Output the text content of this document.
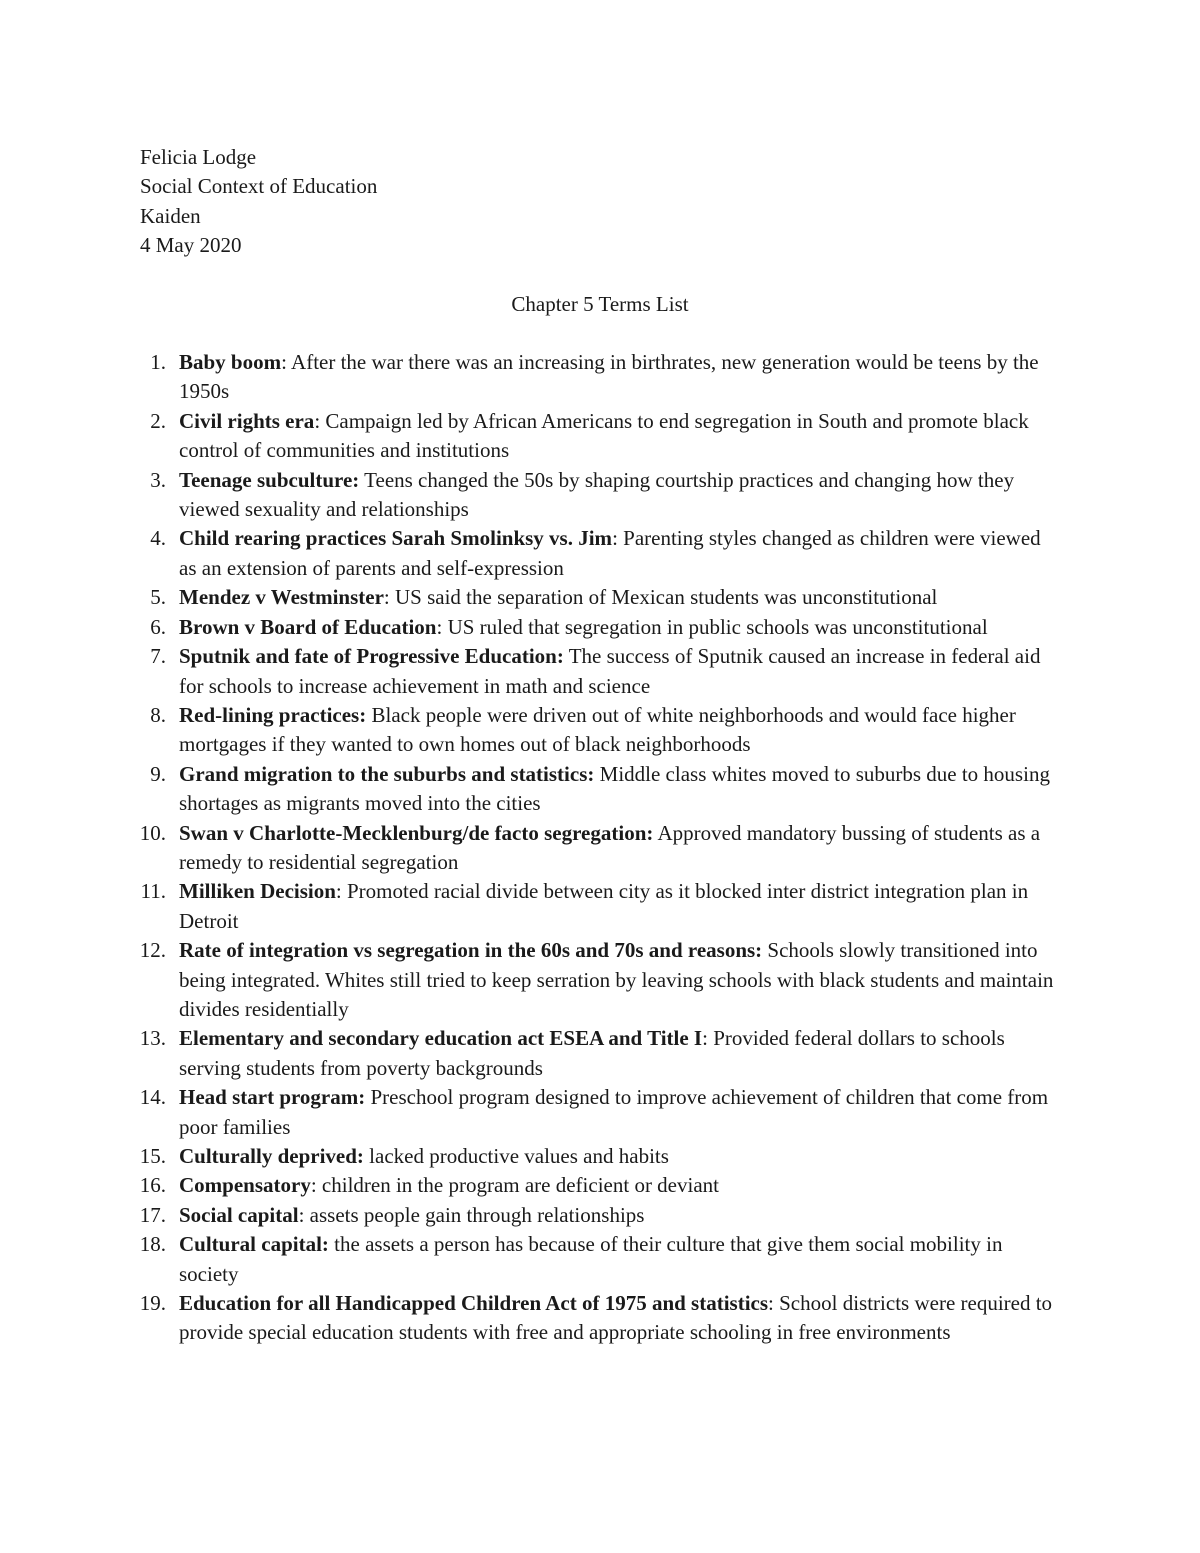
Felicia Lodge
Social Context of Education
Kaiden
4 May 2020
Chapter 5 Terms List
1. Baby boom: After the war there was an increasing in birthrates, new generation would be teens by the 1950s
2. Civil rights era: Campaign led by African Americans to end segregation in South and promote black control of communities and institutions
3. Teenage subculture: Teens changed the 50s by shaping courtship practices and changing how they viewed sexuality and relationships
4. Child rearing practices Sarah Smolinksy vs. Jim: Parenting styles changed as children were viewed as an extension of parents and self-expression
5. Mendez v Westminster: US said the separation of Mexican students was unconstitutional
6. Brown v Board of Education: US ruled that segregation in public schools was unconstitutional
7. Sputnik and fate of Progressive Education: The success of Sputnik caused an increase in federal aid for schools to increase achievement in math and science
8. Red-lining practices: Black people were driven out of white neighborhoods and would face higher mortgages if they wanted to own homes out of black neighborhoods
9. Grand migration to the suburbs and statistics: Middle class whites moved to suburbs due to housing shortages as migrants moved into the cities
10. Swan v Charlotte-Mecklenburg/de facto segregation: Approved mandatory bussing of students as a remedy to residential segregation
11. Milliken Decision: Promoted racial divide between city as it blocked inter district integration plan in Detroit
12. Rate of integration vs segregation in the 60s and 70s and reasons: Schools slowly transitioned into being integrated. Whites still tried to keep serration by leaving schools with black students and maintain divides residentially
13. Elementary and secondary education act ESEA and Title I: Provided federal dollars to schools serving students from poverty backgrounds
14. Head start program: Preschool program designed to improve achievement of children that come from poor families
15. Culturally deprived: lacked productive values and habits
16. Compensatory: children in the program are deficient or deviant
17. Social capital: assets people gain through relationships
18. Cultural capital: the assets a person has because of their culture that give them social mobility in society
19. Education for all Handicapped Children Act of 1975 and statistics: School districts were required to provide special education students with free and appropriate schooling in free environments
